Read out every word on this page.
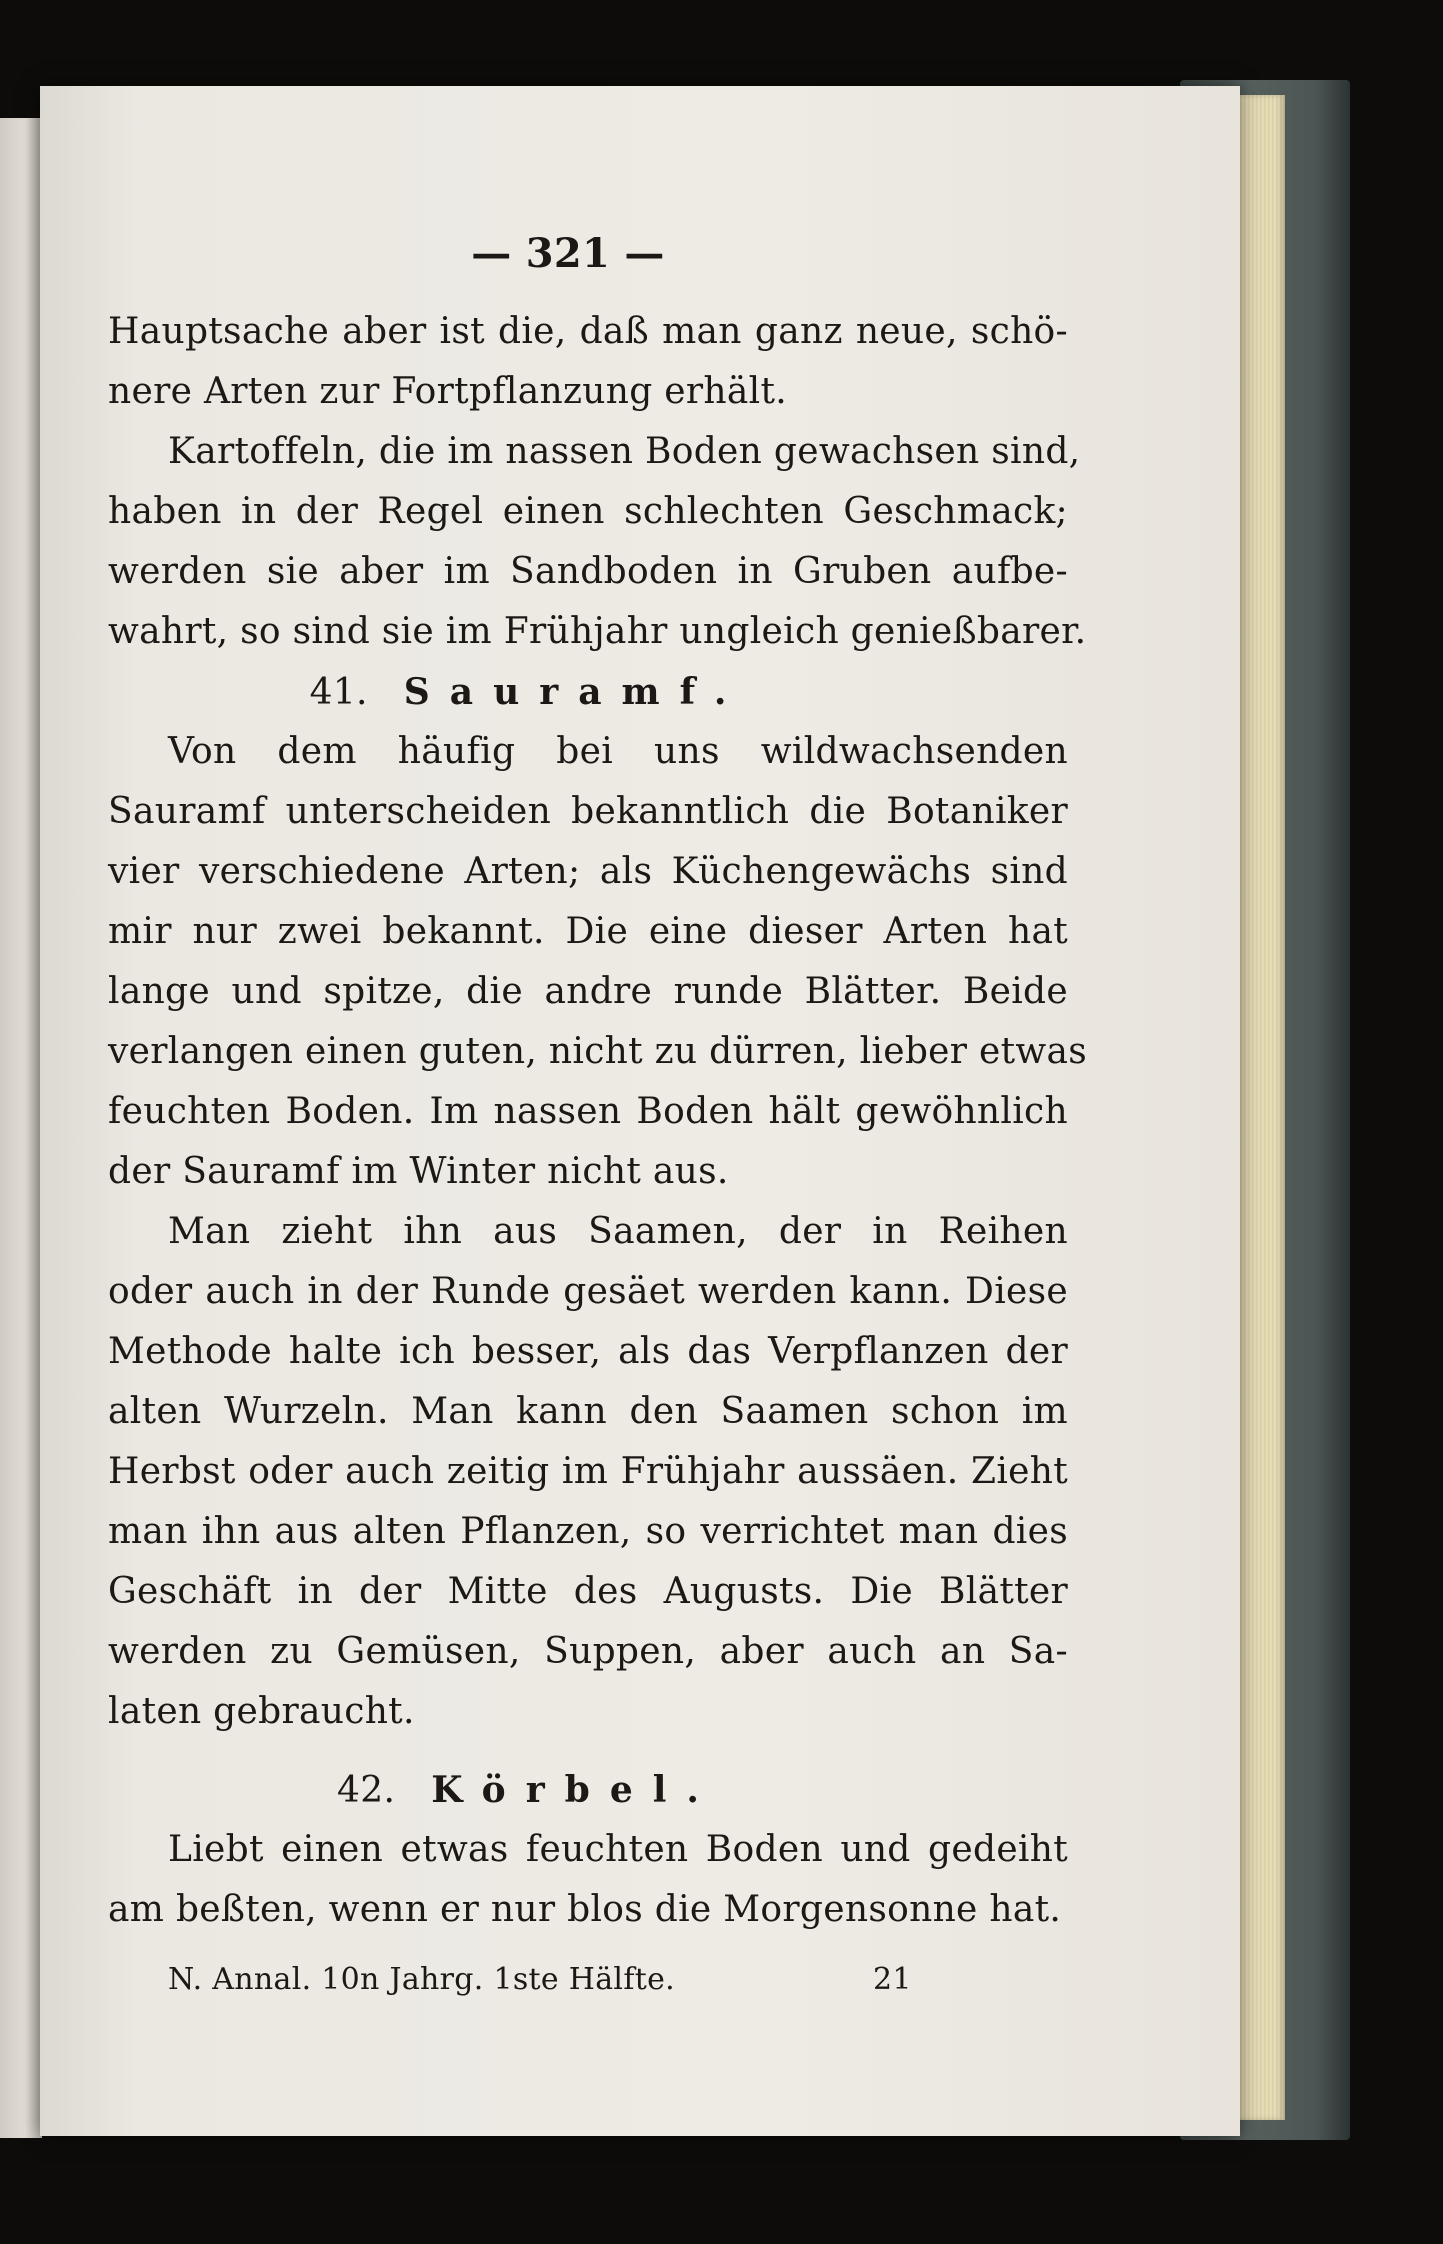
— 321 —
Hauptsache aber ist die, daß man ganz neue, schö-
nere Arten zur Fortpflanzung erhält.
Kartoffeln, die im nassen Boden gewachsen sind,
haben in der Regel einen schlechten Geschmack;
werden sie aber im Sandboden in Gruben aufbe-
wahrt, so sind sie im Frühjahr ungleich genießbarer.
41. Sauramf.
Von dem häufig bei uns wildwachsenden
Sauramf unterscheiden bekanntlich die Botaniker
vier verschiedene Arten; als Küchengewächs sind
mir nur zwei bekannt. Die eine dieser Arten hat
lange und spitze, die andre runde Blätter. Beide
verlangen einen guten, nicht zu dürren, lieber etwas
feuchten Boden. Im nassen Boden hält gewöhnlich
der Sauramf im Winter nicht aus.
Man zieht ihn aus Saamen, der in Reihen
oder auch in der Runde gesäet werden kann. Diese
Methode halte ich besser, als das Verpflanzen der
alten Wurzeln. Man kann den Saamen schon im
Herbst oder auch zeitig im Frühjahr aussäen. Zieht
man ihn aus alten Pflanzen, so verrichtet man dies
Geschäft in der Mitte des Augusts. Die Blätter
werden zu Gemüsen, Suppen, aber auch an Sa-
laten gebraucht.
42. Körbel.
Liebt einen etwas feuchten Boden und gedeiht
am beßten, wenn er nur blos die Morgensonne hat.
N. Annal. 10n Jahrg. 1ste Hälfte.	21
